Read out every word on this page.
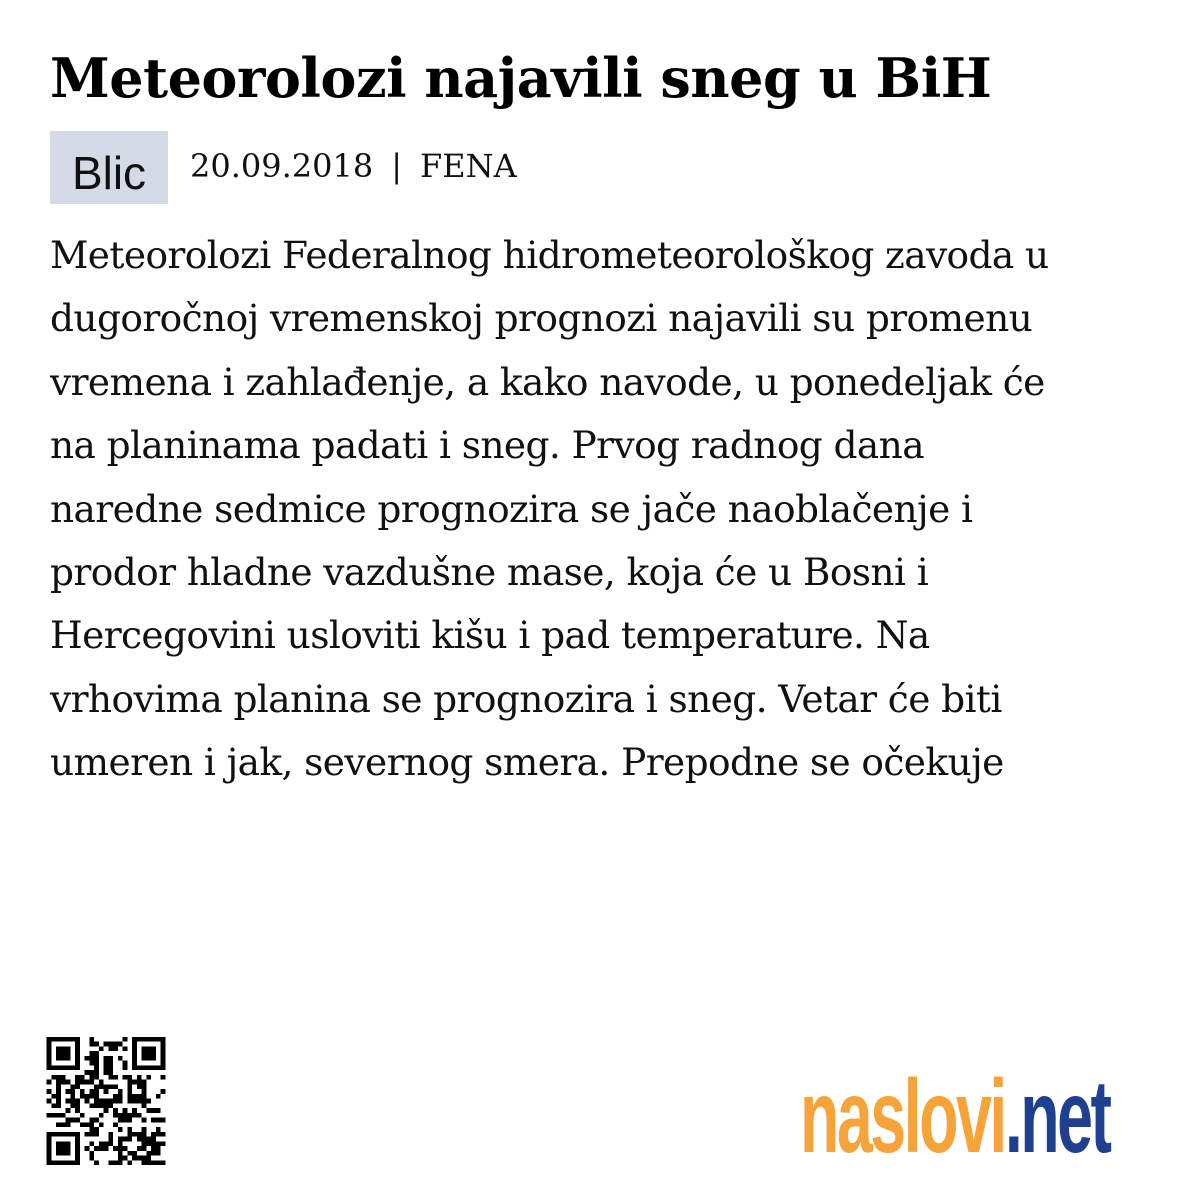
Meteorolozi najavili sneg u BiH
Blic	20.09.2018 | FENA

Meteorolozi Federalnog hidrometeorološkog zavoda u
dugoročnoj vremenskoj prognozi najavili su promenu
vremena i zahlađenje, a kako navode, u ponedeljak će
na planinama padati i sneg. Prvog radnog dana
naredne sedmice prognozira se jače naoblačenje i
prodor hladne vazdušne mase, koja će u Bosni i
Hercegovini usloviti kišu i pad temperature. Na
vrhovima planina se prognozira i sneg. Vetar će biti
umeren i jak, severnog smera. Prepodne se očekuje

naslovi.net
